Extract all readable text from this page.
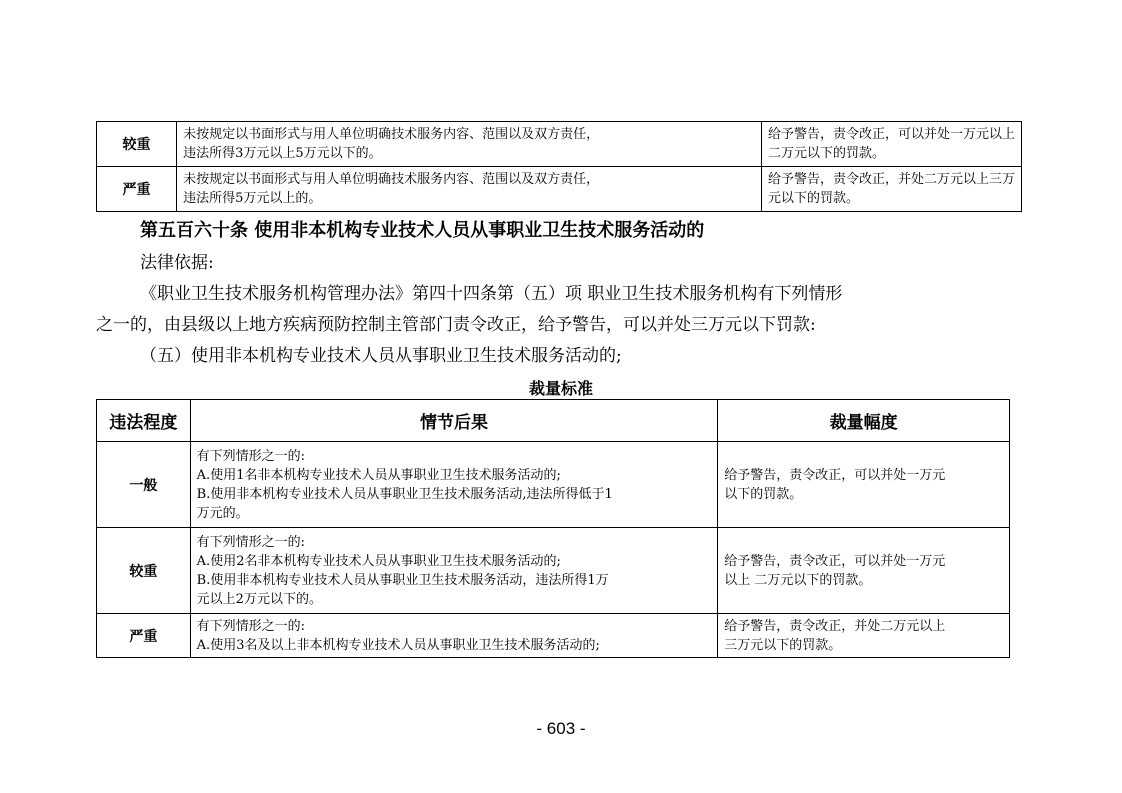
较重	未按规定以书面形式与用人单位明确技术服务内容、范围以及双方责任，
违法所得3万元以上5万元以下的。	给予警告，责令改正，可以并处一万元以上
二万元以下的罚款。

严重	未按规定以书面形式与用人单位明确技术服务内容、范围以及双方责任，
违法所得5万元以上的。	给予警告，责令改正，并处二万元以上三万
元以下的罚款。
第五百六十条 使用非本机构专业技术人员从事职业卫生技术服务活动的
法律依据:
《职业卫生技术服务机构管理办法》第四十四条第（五）项 职业卫生技术服务机构有下列情形
之一的，由县级以上地方疾病预防控制主管部门责令改正，给予警告，可以并处三万元以下罚款:
（五）使用非本机构专业技术人员从事职业卫生技术服务活动的;
裁量标准
违法程度	情节后果	裁量幅度
一般	有下列情形之一的:
A.使用1名非本机构专业技术人员从事职业卫生技术服务活动的;
B.使用非本机构专业技术人员从事职业卫生技术服务活动,违法所得低于1
万元的。	给予警告，责令改正，可以并处一万元
以下的罚款。

较重	有下列情形之一的:
A.使用2名非本机构专业技术人员从事职业卫生技术服务活动的;
B.使用非本机构专业技术人员从事职业卫生技术服务活动，违法所得1万
元以上2万元以下的。	给予警告，责令改正，可以并处一万元
以上 二万元以下的罚款。

严重	有下列情形之一的:
A.使用3名及以上非本机构专业技术人员从事职业卫生技术服务活动的;	给予警告，责令改正，并处二万元以上
三万元以下的罚款。
- 603 -
